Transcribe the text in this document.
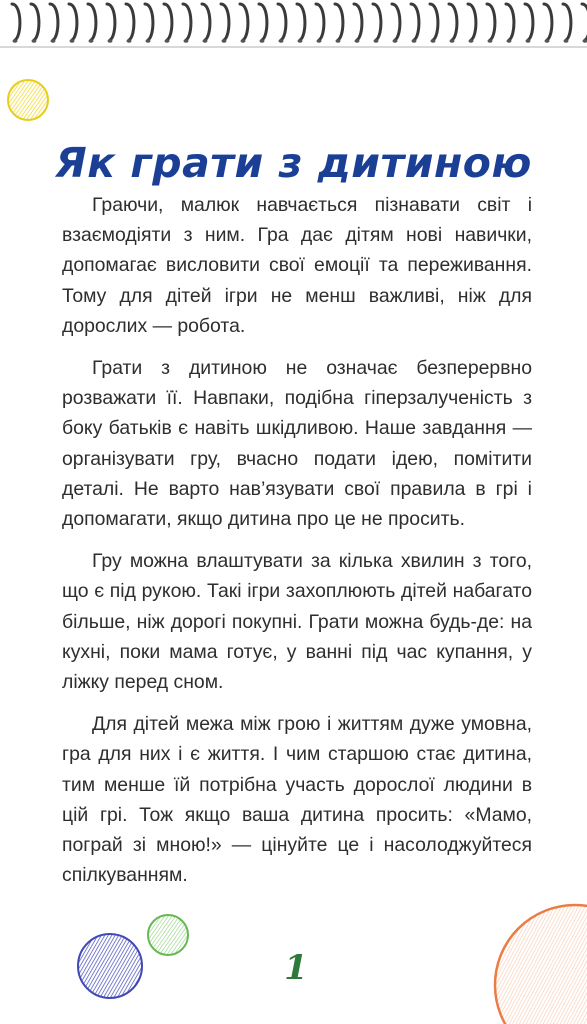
Як грати з дитиною

Граючи, малюк навчається пізнавати світ і взаємодіяти з ним. Гра дає дітям нові навички, допомагає висловити свої емоції та переживання. Тому для дітей ігри не менш важливі, ніж для дорослих — робота.

Грати з дитиною не означає безперервно розважати її. Навпаки, подібна гіперзалученість з боку батьків є навіть шкідливою. Наше завдання — організувати гру, вчасно подати ідею, помітити деталі. Не варто нав’язувати свої правила в грі і допомагати, якщо дитина про це не просить.

Гру можна влаштувати за кілька хвилин з того, що є під рукою. Такі ігри захоплюють дітей набагато більше, ніж дорогі покупні. Грати можна будь-де: на кухні, поки мама готує, у ванні під час купання, у ліжку перед сном.

Для дітей межа між грою і життям дуже умовна, гра для них і є життя. І чим старшою стає дитина, тим менше їй потрібна участь дорослої людини в цій грі. Тож якщо ваша дитина просить: «Мамо, пограй зі мною!» — цінуйте це і насолоджуйтеся спілкуванням.

1
